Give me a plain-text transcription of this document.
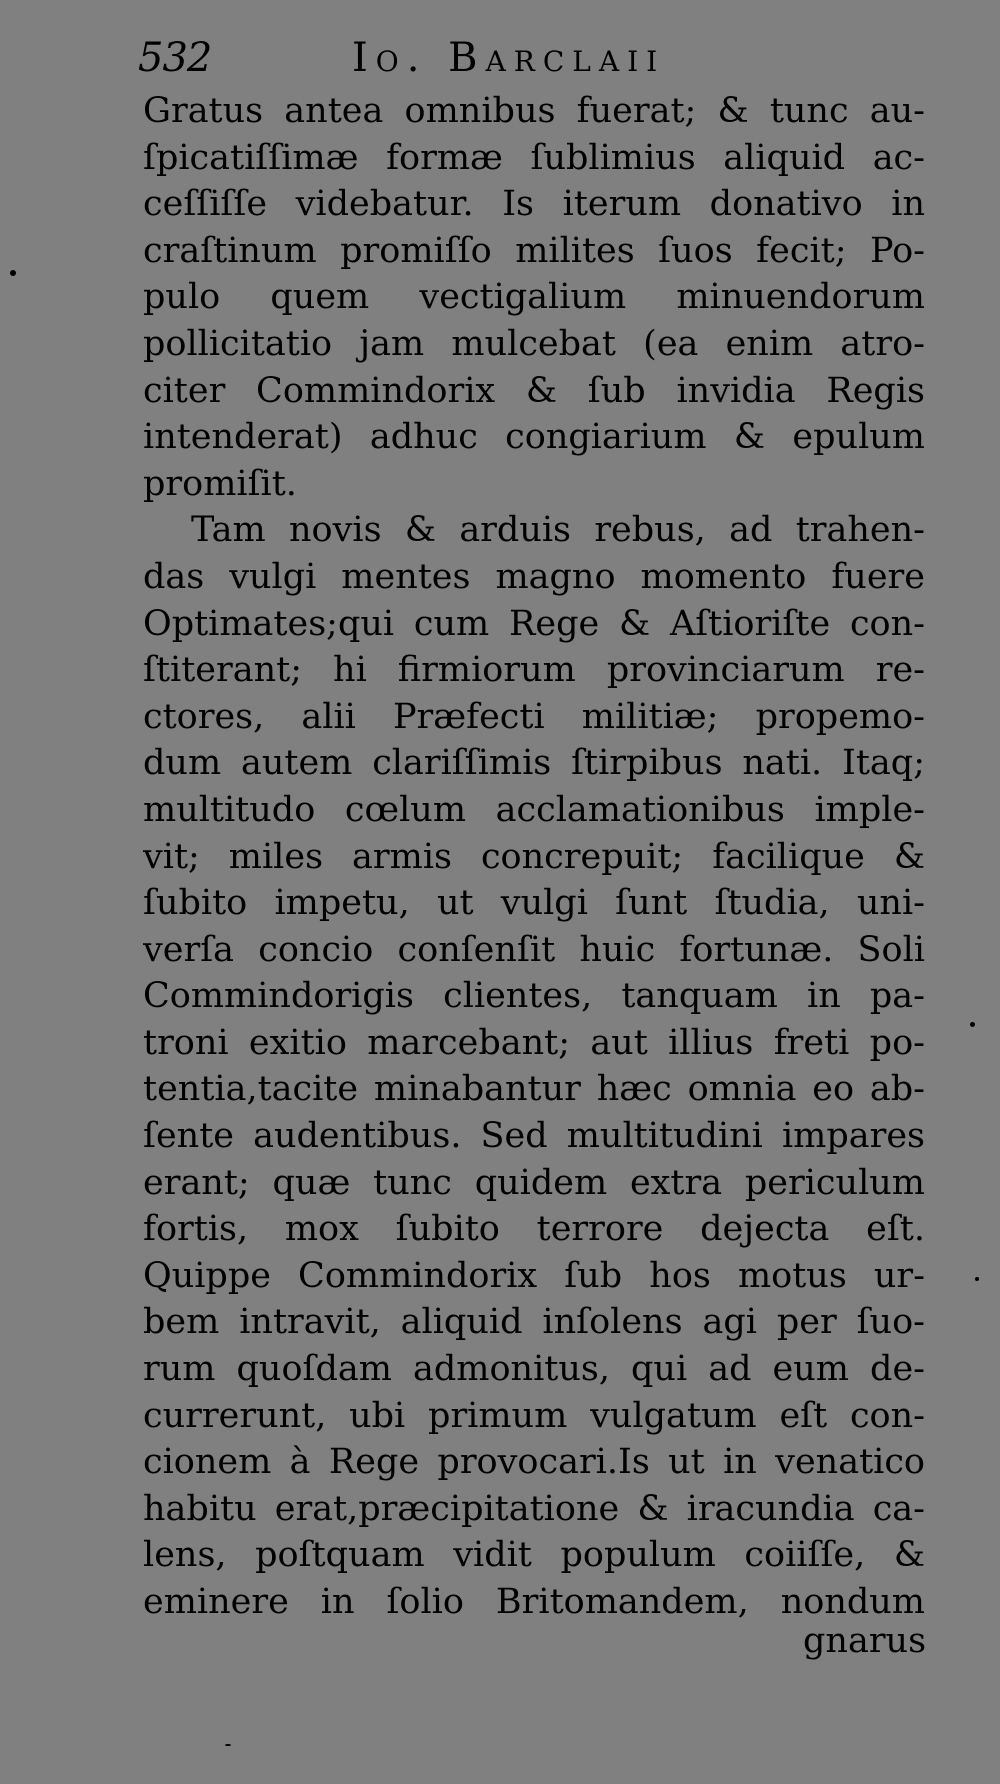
532	Io. Barclaii
Gratus antea omnibus fuerat; & tunc au-
ſpicatiſſimæ formæ ſublimius aliquid ac-
ceſſiſſe videbatur. Is iterum donativo in
craſtinum promiſſo milites ſuos fecit; Po-
pulo quem vectigalium minuendorum
pollicitatio jam mulcebat (ea enim atro-
citer Commindorix & ſub invidia Regis
intenderat) adhuc congiarium & epulum
promiſit.
Tam novis & arduis rebus, ad trahen-
das vulgi mentes magno momento fuere
Optimates;qui cum Rege & Aſtioriſte con-
ſtiterant; hi firmiorum provinciarum re-
ctores, alii Præfecti militiæ; propemo-
dum autem clariſſimis ſtirpibus nati. Itaq;
multitudo cœlum acclamationibus imple-
vit; miles armis concrepuit; facilique &
ſubito impetu, ut vulgi ſunt ſtudia, uni-
verſa concio conſenſit huic fortunæ. Soli
Commindorigis clientes, tanquam in pa-
troni exitio marcebant; aut illius freti po-
tentia,tacite minabantur hæc omnia eo ab-
ſente audentibus. Sed multitudini impares
erant; quæ tunc quidem extra periculum
fortis, mox ſubito terrore dejecta eſt.
Quippe Commindorix ſub hos motus ur-
bem intravit, aliquid inſolens agi per ſuo-
rum quoſdam admonitus, qui ad eum de-
currerunt, ubi primum vulgatum eſt con-
cionem à Rege provocari.Is ut in venatico
habitu erat,præcipitatione & iracundia ca-
lens, poſtquam vidit populum coiiſſe, &
eminere in ſolio Britomandem, nondum
gnarus
